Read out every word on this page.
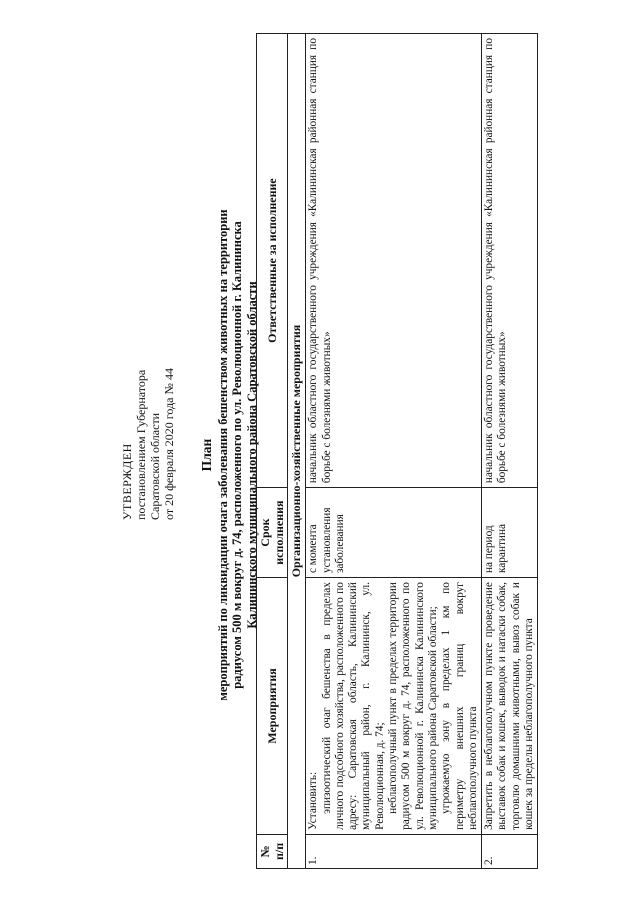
УТВЕРЖДЕН постановлением Губернатора Саратовской области от 20 февраля 2020 года № 44 План мероприятий по ликвидации очага заболевания бешенством животных на территории радиусом 500 м вокруг д. 74, расположенного по ул. Революционной г. Калининска Калининского муниципального района Саратовской области
№ п/п	Мероприятия	Срок исполнения	Ответственные за исполнение
Организационно-хозяйственные мероприятия			
1.	Установить: эпизоотический очаг бешенства в пределах личного подсобного хозяйства, расположенного по адресу: Саратовская область, Калининский муниципальный район, г. Калининск, ул. Революционная, д. 74; неблагополучный пункт в пределах территории радиусом 500 м вокруг д. 74, расположенного по ул. Революционной г. Калининска Калининского муниципального района Саратовской области; угрожаемую зону в пределах 1 км по периметру внешних границ вокруг неблагополучного пункта	с момента установления заболевания	начальник областного государственного учреждения «Калининская районная станция по борьбе с болезнями животных»
2.	Запретить в неблагополучном пункте проведение выставок собак и кошек, выводок и натаски собак, торговлю домашними животными, вывоз собак и кошек за пределы неблагополучного пункта	на период карантина	начальник областного государственного учреждения «Калининская районная станция по борьбе с болезнями животных»
